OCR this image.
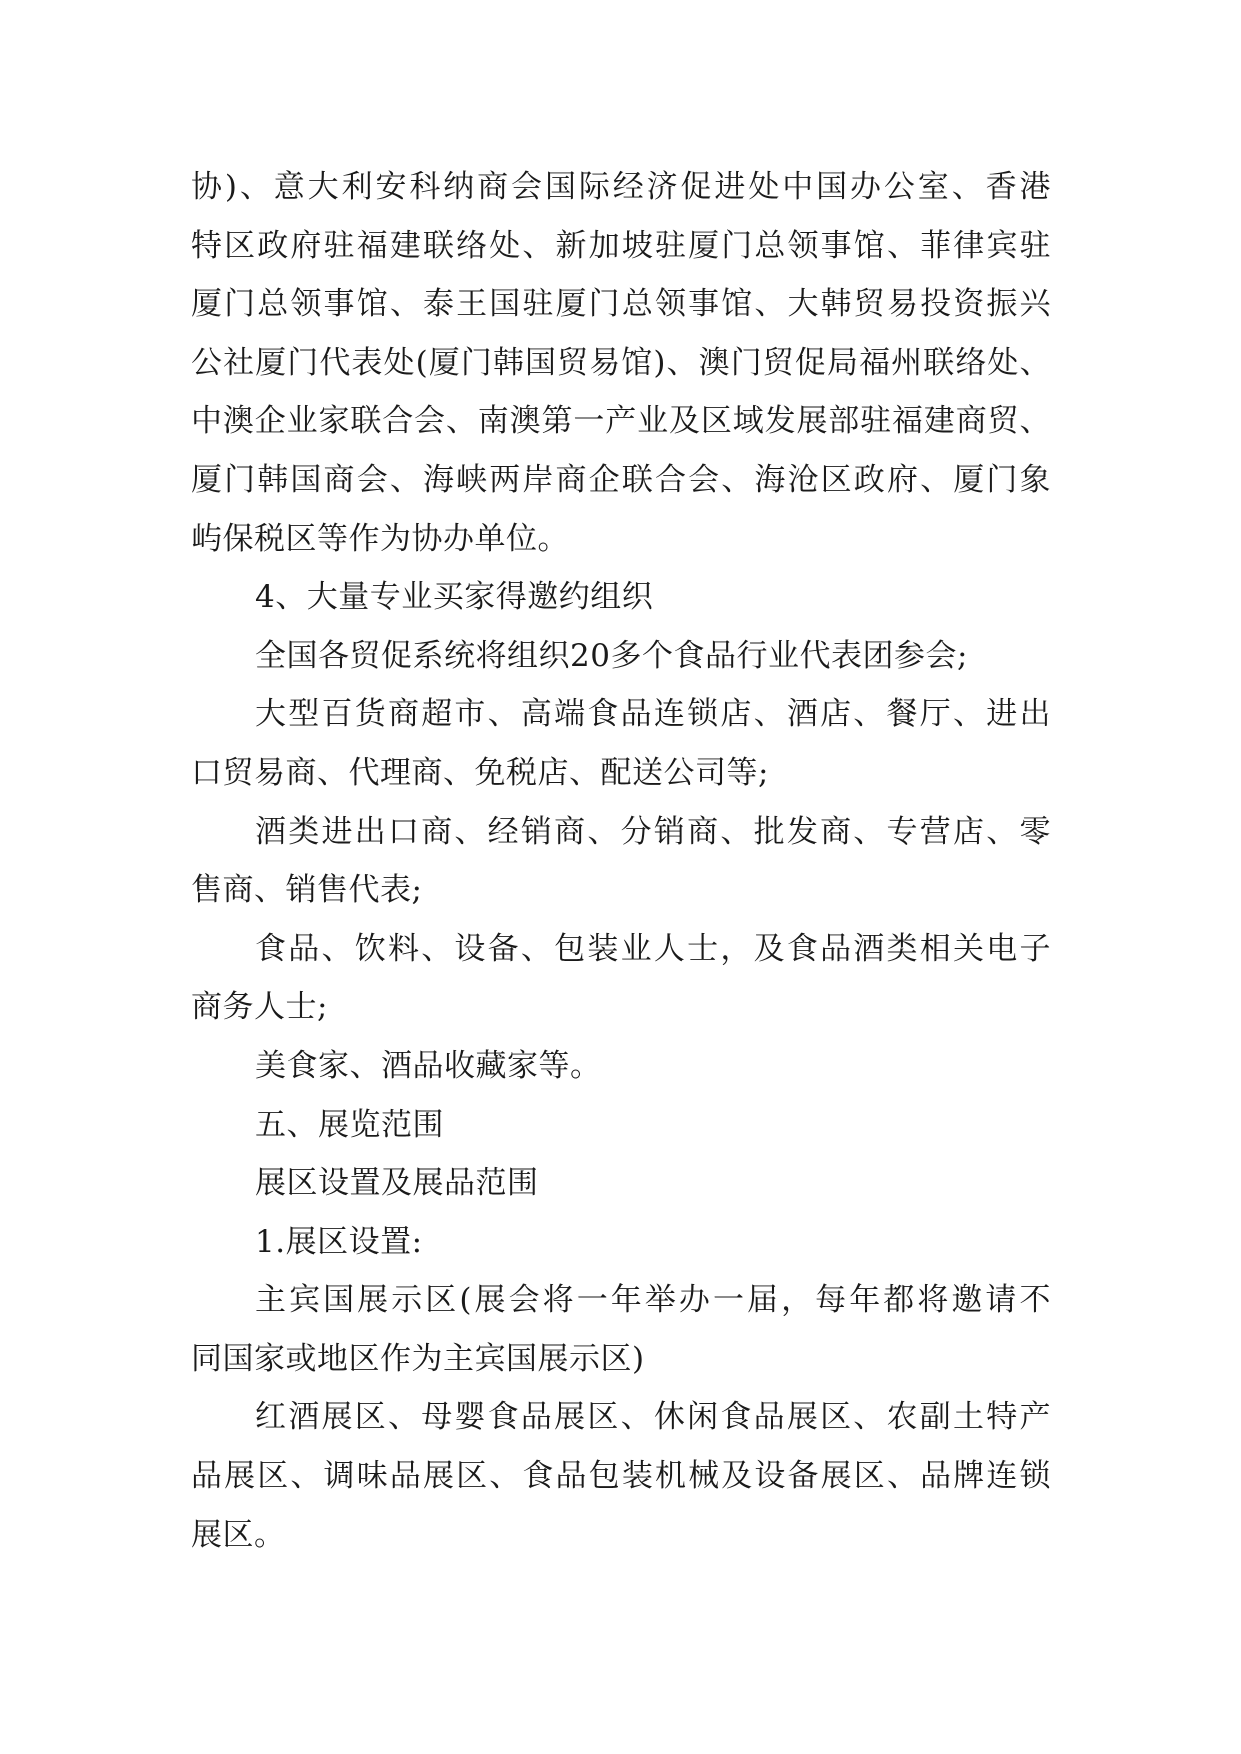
协)、意大利安科纳商会国际经济促进处中国办公室、香港
特区政府驻福建联络处、新加坡驻厦门总领事馆、菲律宾驻
厦门总领事馆、泰王国驻厦门总领事馆、大韩贸易投资振兴
公社厦门代表处(厦门韩国贸易馆)、澳门贸促局福州联络处、
中澳企业家联合会、南澳第一产业及区域发展部驻福建商贸、
厦门韩国商会、海峡两岸商企联合会、海沧区政府、厦门象
屿保税区等作为协办单位。
4、大量专业买家得邀约组织
全国各贸促系统将组织20多个食品行业代表团参会;
大型百货商超市、高端食品连锁店、酒店、餐厅、进出
口贸易商、代理商、免税店、配送公司等;
酒类进出口商、经销商、分销商、批发商、专营店、零
售商、销售代表;
食品、饮料、设备、包装业人士，及食品酒类相关电子
商务人士;
美食家、酒品收藏家等。
五、展览范围
展区设置及展品范围
1.展区设置:
主宾国展示区(展会将一年举办一届，每年都将邀请不
同国家或地区作为主宾国展示区)
红酒展区、母婴食品展区、休闲食品展区、农副土特产
品展区、调味品展区、食品包装机械及设备展区、品牌连锁
展区。
